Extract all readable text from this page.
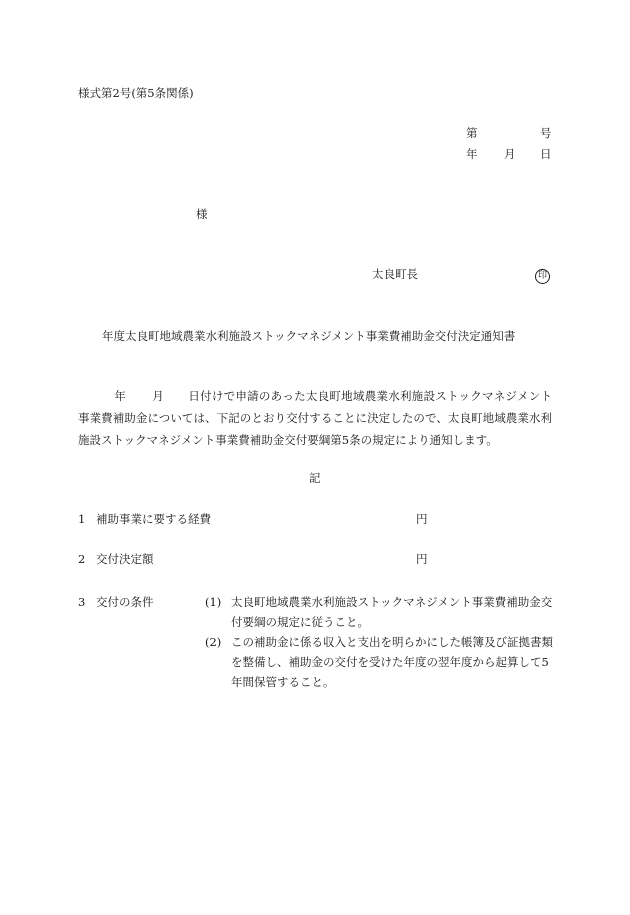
様式第2号(第5条関係)
第	号
年 月 日
様
太良町長	印
年度太良町地域農業水利施設ストックマネジメント事業費補助金交付決定通知書
年 月 日付けで申請のあった太良町地域農業水利施設ストックマネジメント事業費補助金については、下記のとおり交付することに決定したので、太良町地域農業水利施設ストックマネジメント事業費補助金交付要綱第5条の規定により通知します。
記
1 補助事業に要する経費	円
2 交付決定額	円
3 交付の条件	(1) 太良町地域農業水利施設ストックマネジメント事業費補助金交付要綱の規定に従うこと。
(2) この補助金に係る収入と支出を明らかにした帳簿及び証拠書類を整備し、補助金の交付を受けた年度の翌年度から起算して5年間保管すること。
